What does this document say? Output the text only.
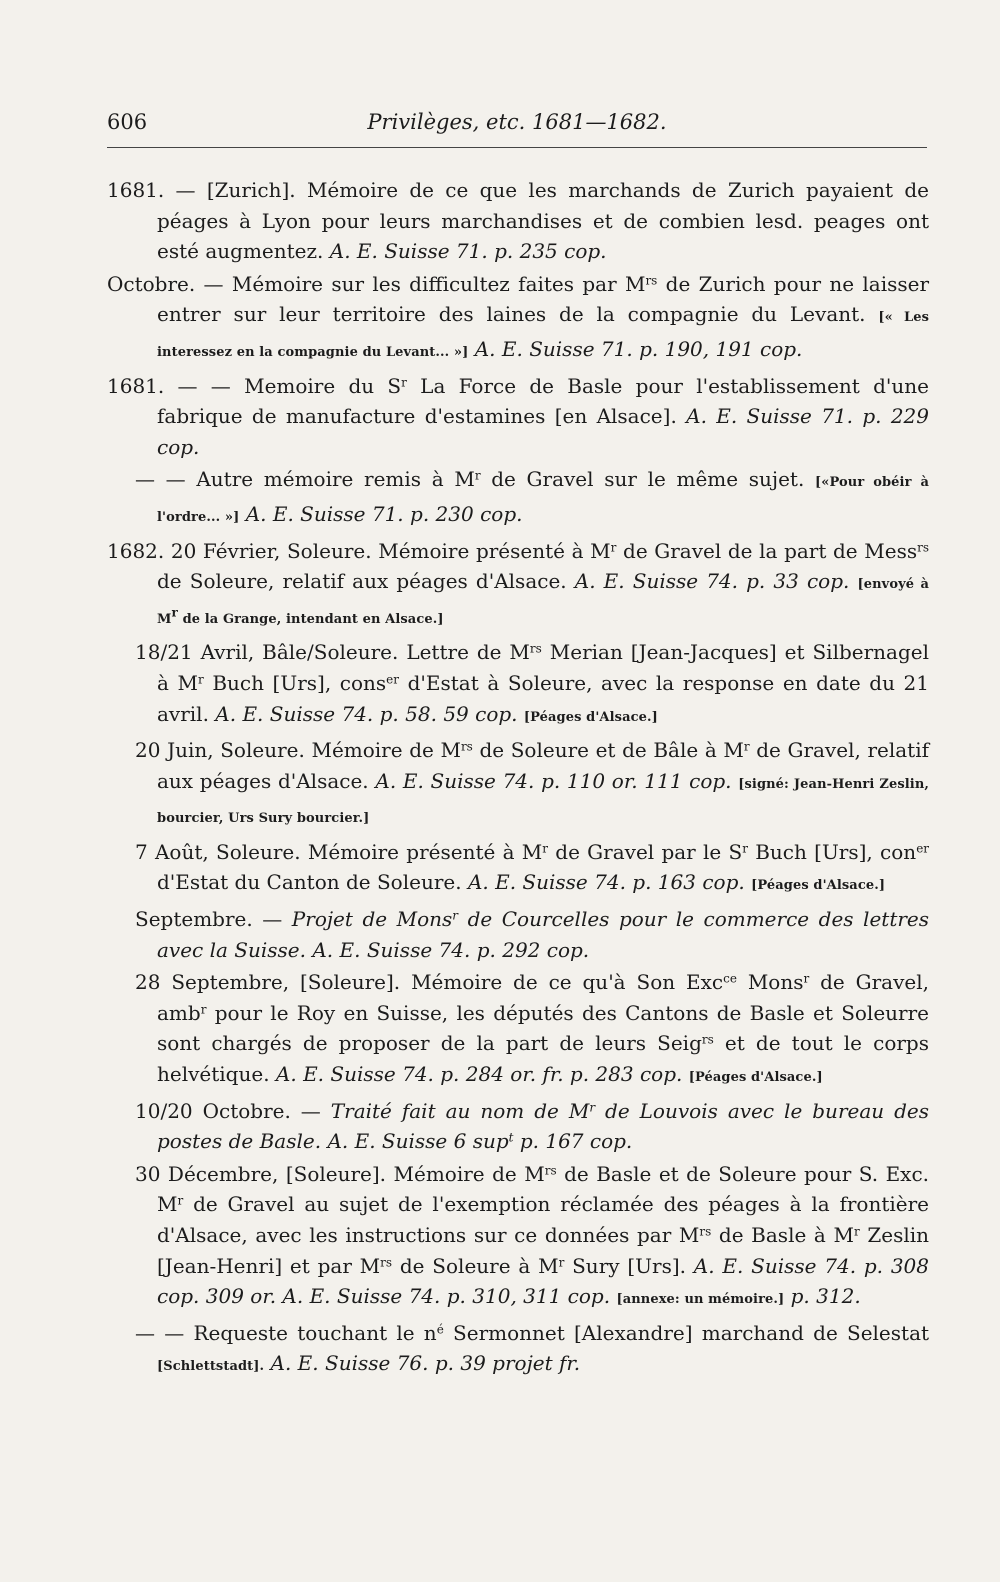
606	Privilèges, etc. 1681—1682.

1681. — [Zurich]. Mémoire de ce que les marchands de Zurich payaient de péages à Lyon pour leurs marchandises et de combien lesd. peages ont esté augmentez. A. E. Suisse 71. p. 235 cop.

Octobre. — Mémoire sur les difficultez faites par $M^{rs}$ de Zurich pour ne laisser entrer sur leur territoire des laines de la compagnie du Levant. [« Les interessez en la compagnie du Levant... »] A. E. Suisse 71. p. 190, 191 cop.

1681. — — Memoire du $S^r$ La Force de Basle pour l'establissement d'une fabrique de manufacture d'estamines [en Alsace]. A. E. Suisse 71. p. 229 cop.

— — Autre mémoire remis à $M^r$ de Gravel sur le même sujet. [«Pour obéir à l'ordre... »] A. E. Suisse 71. p. 230 cop.

1682. 20 Février, Soleure. Mémoire présenté à $M^r$ de Gravel de la part de Mess$^{rs}$ de Soleure, relatif aux péages d'Alsace. A. E. Suisse 74. p. 33 cop. [envoyé à $M^r$ de la Grange, intendant en Alsace.]

18/21 Avril, Bâle/Soleure. Lettre de $M^{rs}$ Merian [Jean-Jacques] et Silbernagel à $M^r$ Buch [Urs], cons$^{er}$ d'Estat à Soleure, avec la response en date du 21 avril. A. E. Suisse 74. p. 58. 59 cop. [Péages d'Alsace.]

20 Juin, Soleure. Mémoire de $M^{rs}$ de Soleure et de Bâle à $M^r$ de Gravel, relatif aux péages d'Alsace. A. E. Suisse 74. p. 110 or. 111 cop. [signé: Jean-Henri Zeslin, bourcier, Urs Sury bourcier.]

7 Août, Soleure. Mémoire présenté à $M^r$ de Gravel par le $S^r$ Buch [Urs], con$^{er}$ d'Estat du Canton de Soleure. A. E. Suisse 74. p. 163 cop. [Péages d'Alsace.]

Septembre. — Projet de Mons$^r$ de Courcelles pour le commerce des lettres avec la Suisse. A. E. Suisse 74. p. 292 cop.

28 Septembre, [Soleure]. Mémoire de ce qu'à Son Exc$^{ce}$ Mons$^r$ de Gravel, amb$^r$ pour le Roy en Suisse, les députés des Cantons de Basle et Soleurre sont chargés de proposer de la part de leurs Seig$^{rs}$ et de tout le corps helvétique. A. E. Suisse 74. p. 284 or. fr. p. 283 cop. [Péages d'Alsace.]

10/20 Octobre. — Traité fait au nom de $M^r$ de Louvois avec le bureau des postes de Basle. A. E. Suisse 6 sup$^t$ p. 167 cop.

30 Décembre, [Soleure]. Mémoire de $M^{rs}$ de Basle et de Soleure pour S. Exc. $M^r$ de Gravel au sujet de l'exemption réclamée des péages à la frontière d'Alsace, avec les instructions sur ce données par $M^{rs}$ de Basle à $M^r$ Zeslin [Jean-Henri] et par $M^{rs}$ de Soleure à $M^r$ Sury [Urs]. A. E. Suisse 74. p. 308 cop. 309 or. A. E. Suisse 74. p. 310, 311 cop. [annexe: un mémoire.] p. 312.

— — Requeste touchant le $n^é$ Sermonnet [Alexandre] marchand de Selestat [Schlettstadt]. A. E. Suisse 76. p. 39 projet fr.
